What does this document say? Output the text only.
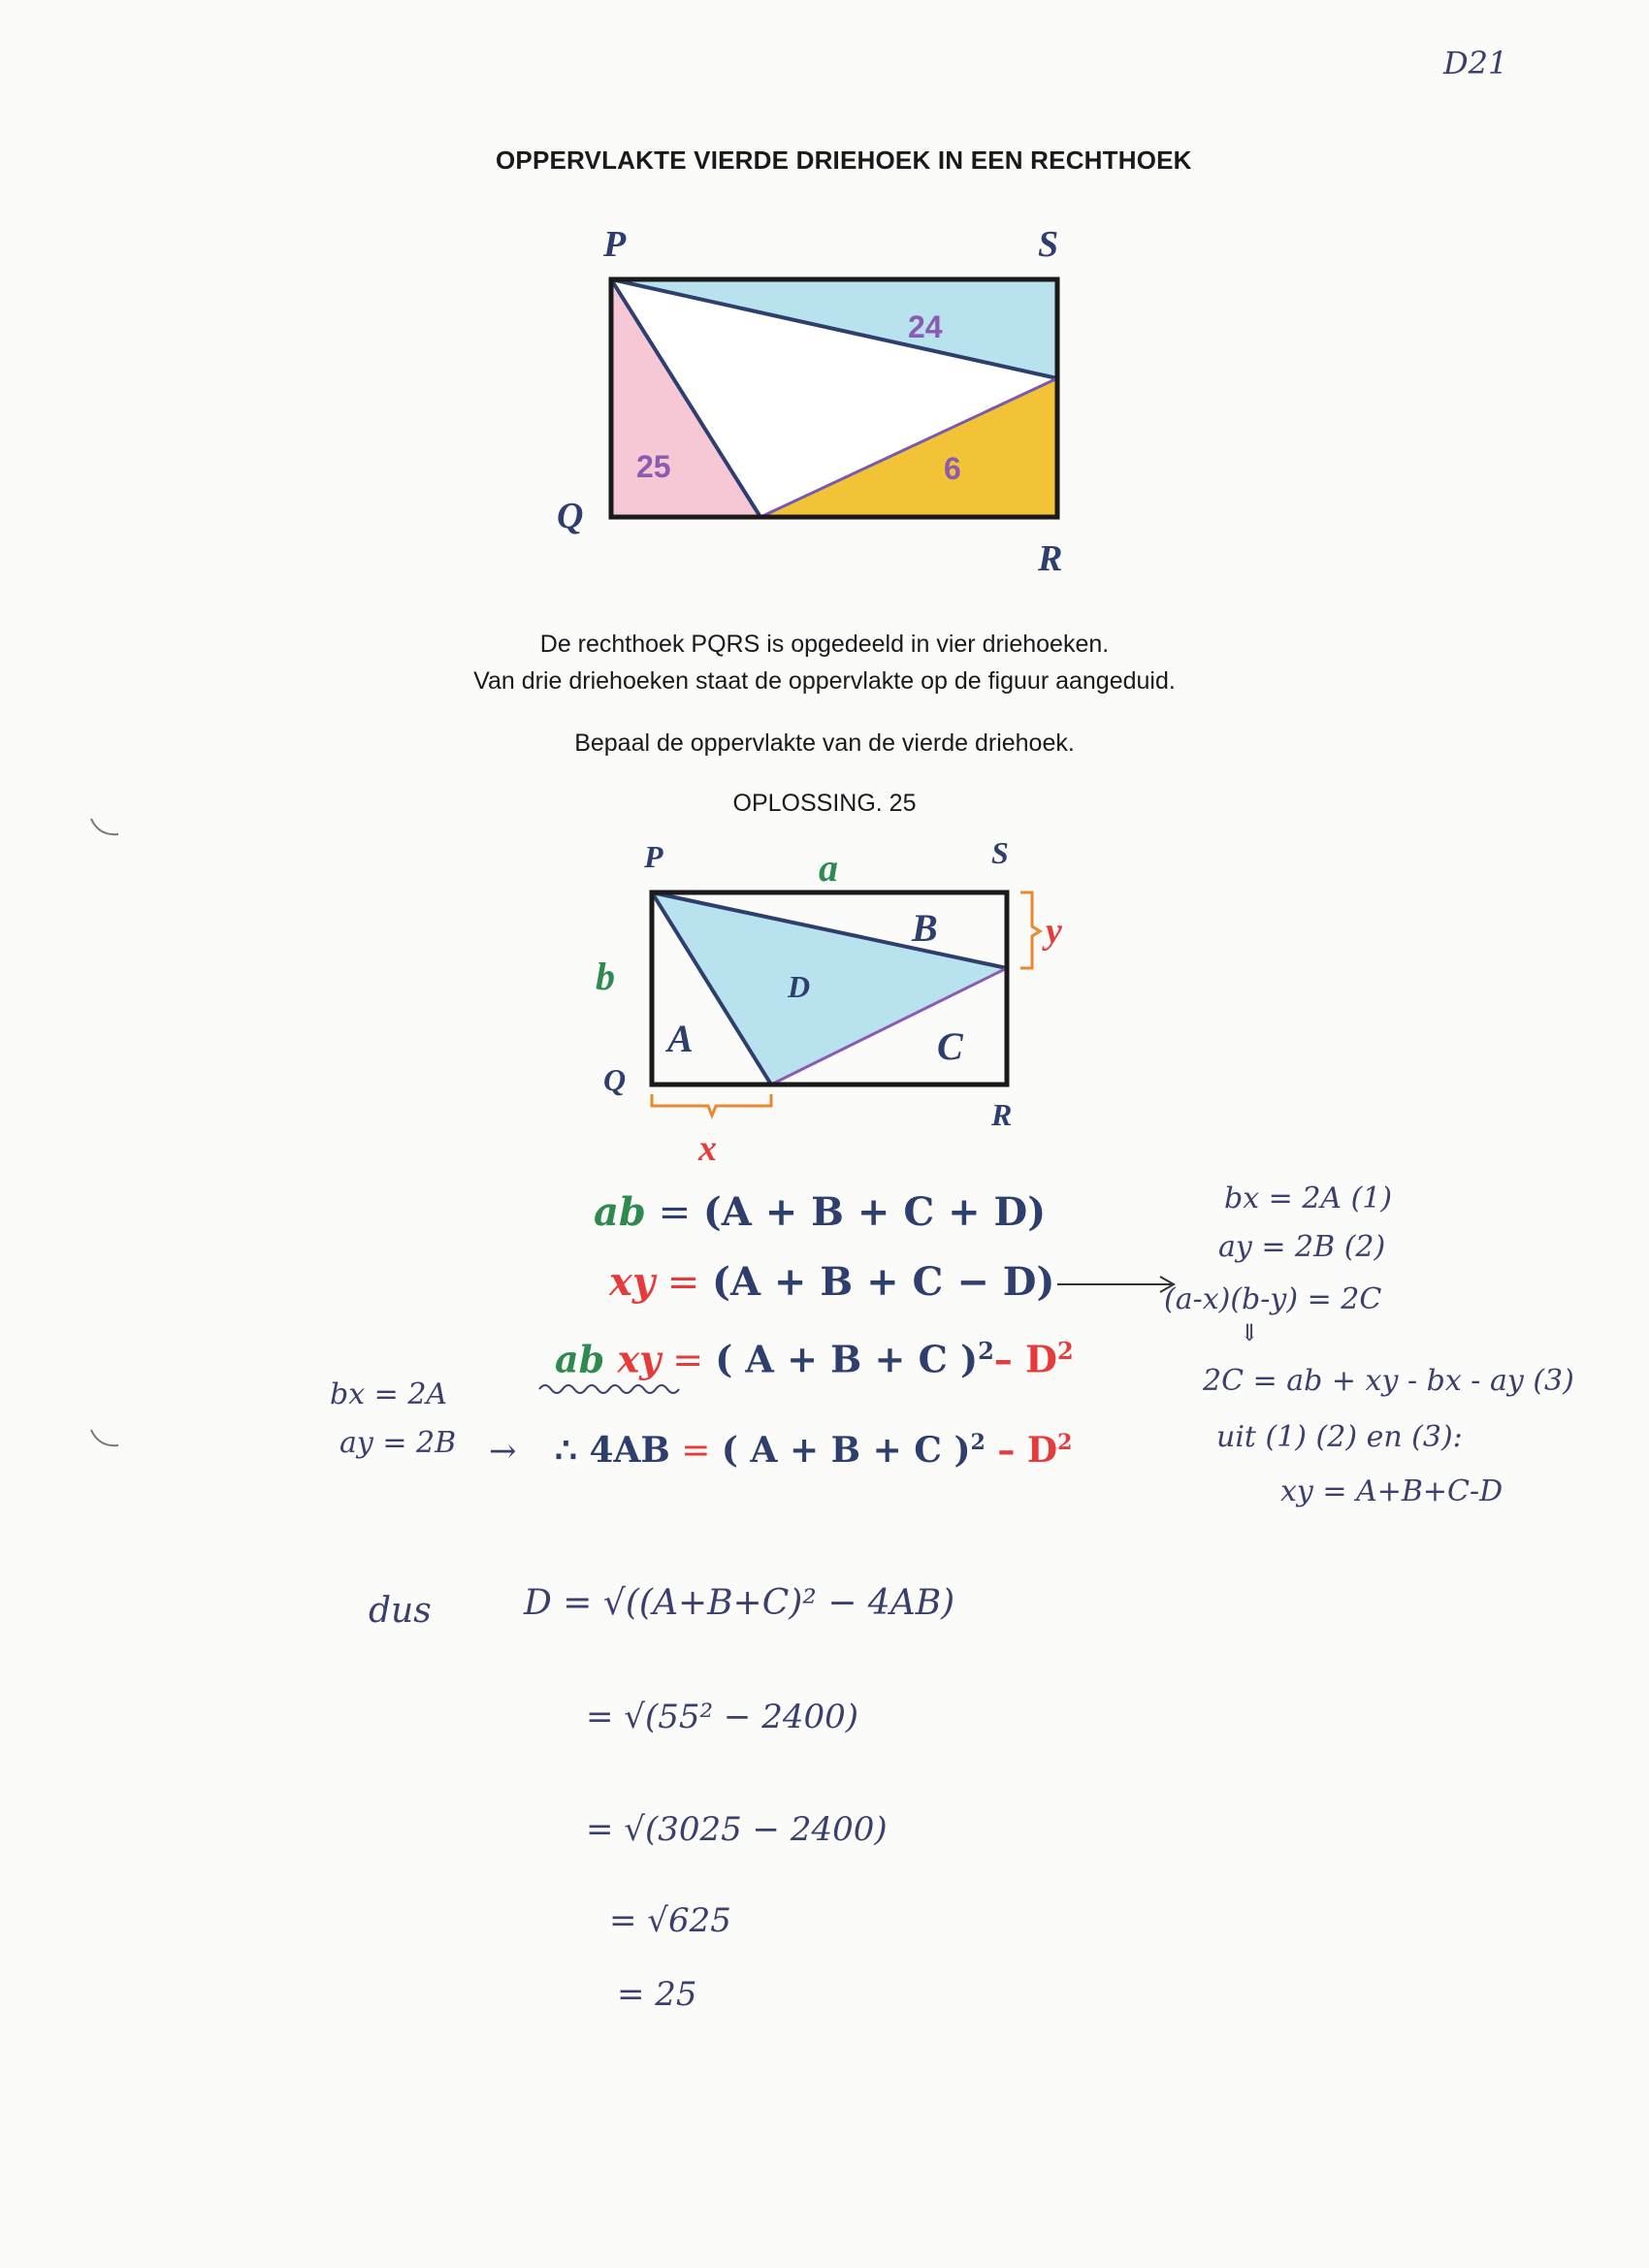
D21
OPPERVLAKTE VIERDE DRIEHOEK IN EEN RECHTHOEK
P	S
Q
R
24
25	6
De rechthoek PQRS is opgedeeld in vier driehoeken.
Van drie driehoeken staat de oppervlakte op de figuur aangeduid.
Bepaal de oppervlakte van de vierde driehoek.
OPLOSSING. 25
P	S
Q
R
a
b
x
y
A
B
C
D
ab = (A + B + C + D)
xy = (A + B + C − D)
ab xy = ( A + B + C )$^2$– $D^2$
∴ 4AB = ( A + B + C )$^2 - D^2$
bx = 2A
ay = 2B →
bx = 2A (1)
ay = 2B (2)
(a-x)(b-y) = 2C
⇓
2C = ab + xy - bx - ay (3)
uit (1) (2) en (3):
xy = A+B+C-D
dus	D = √((A+B+C)² − 4AB)
= √(55² − 2400)
= √(3025 − 2400)
= √625
= 25
